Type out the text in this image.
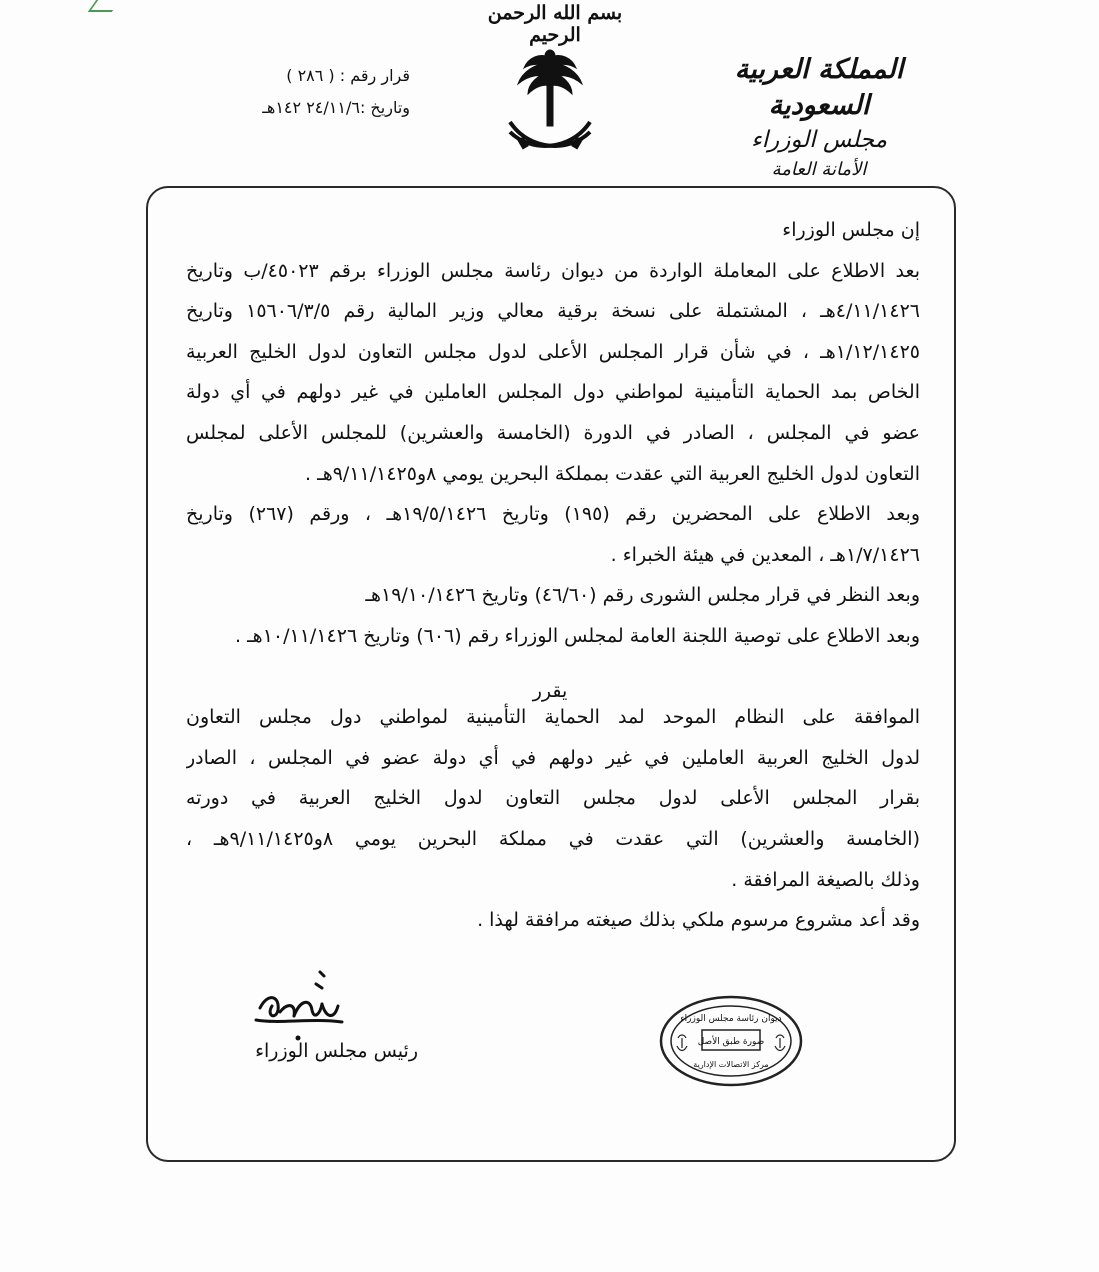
بسم الله الرحمن الرحيم
المملكة العربية السعودية
مجلس الوزراء
الأمانة العامة
قرار رقم : ( ٢٨٦ )
وتاريخ :٢٤/١١/٦ ١٤٢هـ
إن مجلس الوزراء
بعد الاطلاع على المعاملة الواردة من ديوان رئاسة مجلس الوزراء برقم ٤٥٠٢٣/ب وتاريخ
٤/١١/١٤٢٦هـ ، المشتملة على نسخة برقية معالي وزير المالية رقم ١٥٦٠٦/٣/٥ وتاريخ
١/١٢/١٤٢٥هـ ، في شأن قرار المجلس الأعلى لدول مجلس التعاون لدول الخليج العربية
الخاص بمد الحماية التأمينية لمواطني دول المجلس العاملين في غير دولهم في أي دولة
عضو في المجلس ، الصادر في الدورة (الخامسة والعشرين) للمجلس الأعلى لمجلس
التعاون لدول الخليج العربية التي عقدت بمملكة البحرين يومي ٨و٩/١١/١٤٢٥هـ .
وبعد الاطلاع على المحضرين رقم (١٩٥) وتاريخ ١٩/٥/١٤٢٦هـ ، ورقم (٢٦٧) وتاريخ
١/٧/١٤٢٦هـ ، المعدين في هيئة الخبراء .
وبعد النظر في قرار مجلس الشورى رقم (٤٦/٦٠) وتاريخ ١٩/١٠/١٤٢٦هـ
وبعد الاطلاع على توصية اللجنة العامة لمجلس الوزراء رقم (٦٠٦) وتاريخ ١٠/١١/١٤٢٦هـ .
الموافقة على النظام الموحد لمد الحماية التأمينية لمواطني دول مجلس التعاون
لدول الخليج العربية العاملين في غير دولهم في أي دولة عضو في المجلس ، الصادر
بقرار المجلس الأعلى لدول مجلس التعاون لدول الخليج العربية في دورته
(الخامسة والعشرين) التي عقدت في مملكة البحرين يومي ٨و٩/١١/١٤٢٥هـ ،
وذلك بالصيغة المرافقة .
وقد أعد مشروع مرسوم ملكي بذلك صيغته مرافقة لهذا .
يقرر
رئيس مجلس الوزراء
ديوان رئاسة مجلس الوزراء
صورة طبق الأصل
مركز الاتصالات الإدارية
